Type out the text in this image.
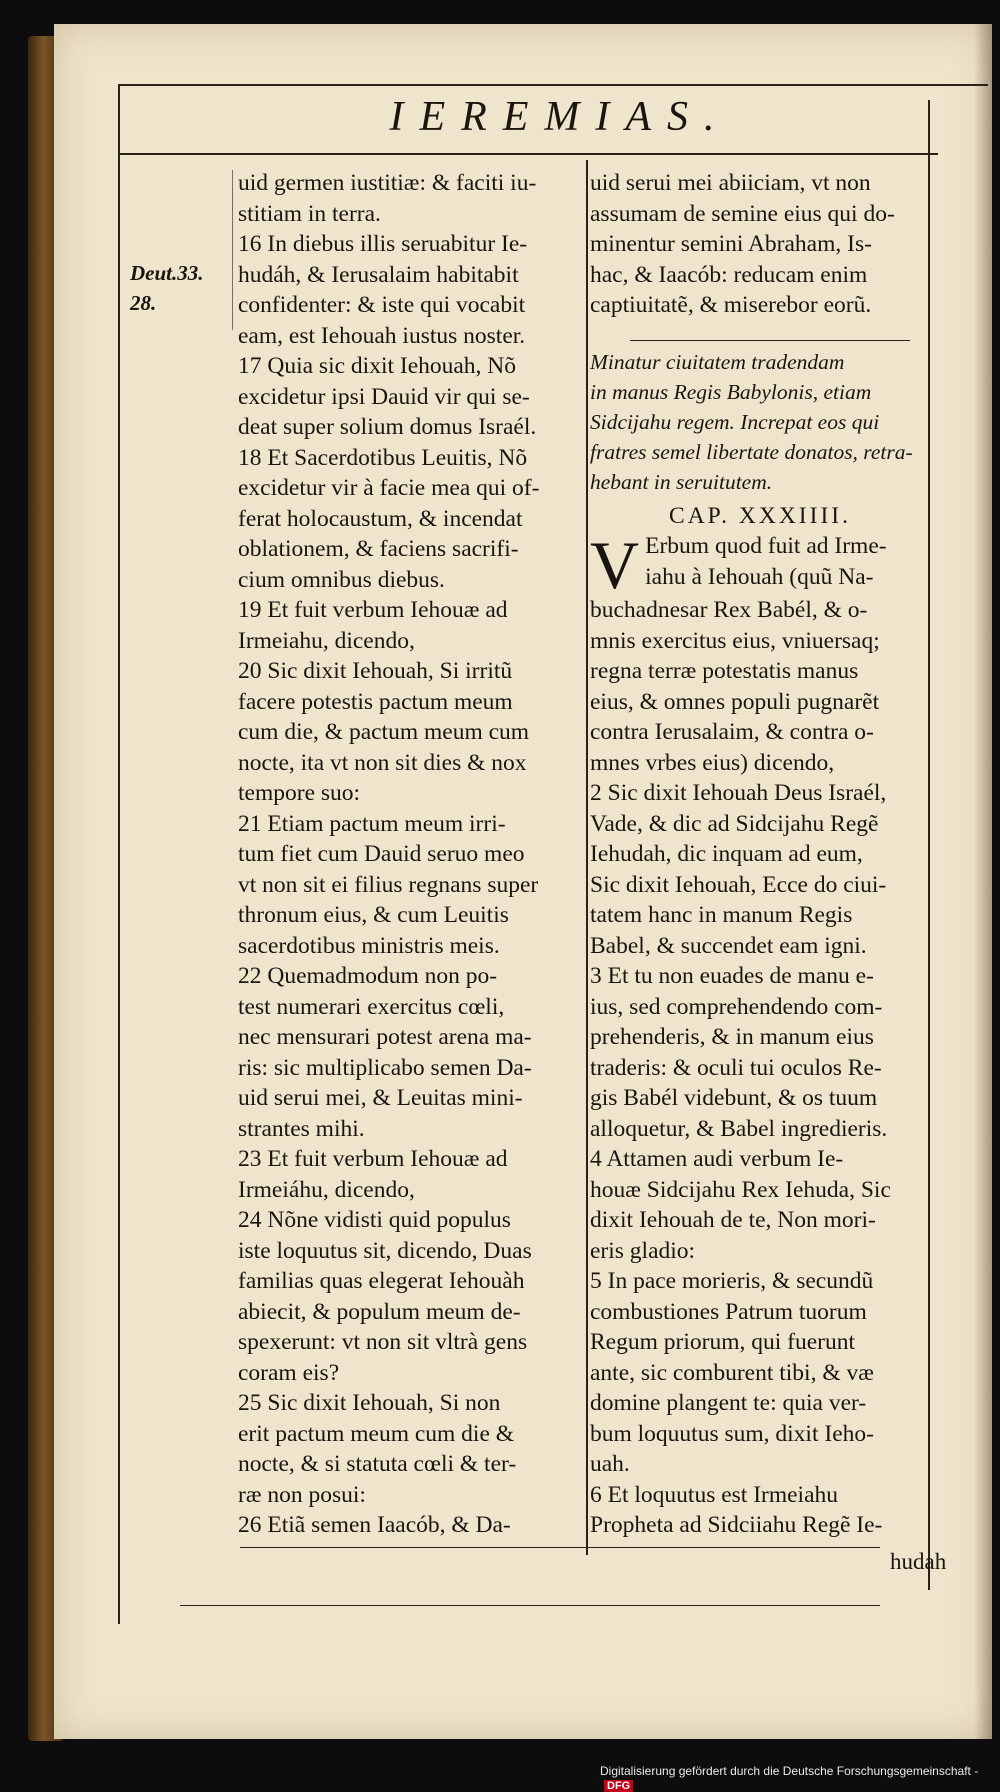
IEREMIAS.
Deut.33.
28.
uid germen iustitiæ: & faciti iu-
stitiam in terra.
16 In diebus illis seruabitur Ie-
hudáh, & Ierusalaim habitabit
confidenter: & iste qui vocabit
eam, est Iehouah iustus noster.
17 Quia sic dixit Iehouah, Nõ
excidetur ipsi Dauid vir qui se-
deat super solium domus Israél.
18 Et Sacerdotibus Leuitis, Nõ
excidetur vir à facie mea qui of-
ferat holocaustum, & incendat
oblationem, & faciens sacrifi-
cium omnibus diebus.
19 Et fuit verbum Iehouæ ad
Irmeiahu, dicendo,
20 Sic dixit Iehouah, Si irritũ
facere potestis pactum meum
cum die, & pactum meum cum
nocte, ita vt non sit dies & nox
tempore suo:
21 Etiam pactum meum irri-
tum fiet cum Dauid seruo meo
vt non sit ei filius regnans super
thronum eius, & cum Leuitis
sacerdotibus ministris meis.
22 Quemadmodum non po-
test numerari exercitus cœli,
nec mensurari potest arena ma-
ris: sic multiplicabo semen Da-
uid serui mei, & Leuitas mini-
strantes mihi.
23 Et fuit verbum Iehouæ ad
Irmeiáhu, dicendo,
24 Nõne vidisti quid populus
iste loquutus sit, dicendo, Duas
familias quas elegerat Iehouàh
abiecit, & populum meum de-
spexerunt: vt non sit vltrà gens
coram eis?
25 Sic dixit Iehouah, Si non
erit pactum meum cum die &
nocte, & si statuta cœli & ter-
ræ non posui:
26 Etiã semen Iaacób, & Da-
uid serui mei abiiciam, vt non
assumam de semine eius qui do-
minentur semini Abraham, Is-
hac, & Iaacób: reducam enim
captiuitatẽ, & miserebor eorũ.
Minatur ciuitatem tradendam
in manus Regis Babylonis, etiam
Sidcijahu regem. Increpat eos qui
fratres semel libertate donatos, retra-
hebant in seruitutem.
CAP. XXXIIII.
V Erbum quod fuit ad Irme-
iahu à Iehouah (quũ Na-
buchadnesar Rex Babél, & o-
mnis exercitus eius, vniuersaq;
regna terræ potestatis manus
eius, & omnes populi pugnarẽt
contra Ierusalaim, & contra o-
mnes vrbes eius) dicendo,
2 Sic dixit Iehouah Deus Israél,
Vade, & dic ad Sidcijahu Regẽ
Iehudah, dic inquam ad eum,
Sic dixit Iehouah, Ecce do ciui-
tatem hanc in manum Regis
Babel, & succendet eam igni.
3 Et tu non euades de manu e-
ius, sed comprehendendo com-
prehenderis, & in manum eius
traderis: & oculi tui oculos Re-
gis Babél videbunt, & os tuum
alloquetur, & Babel ingredieris.
4 Attamen audi verbum Ie-
houæ Sidcijahu Rex Iehuda, Sic
dixit Iehouah de te, Non mori-
eris gladio:
5 In pace morieris, & secundũ
combustiones Patrum tuorum
Regum priorum, qui fuerunt
ante, sic comburent tibi, & væ
domine plangent te: quia ver-
bum loquutus sum, dixit Ieho-
uah.
6 Et loquutus est Irmeiahu
Propheta ad Sidciiahu Regẽ Ie-
hudah
Digitalisierung gefördert durch die Deutsche Forschungsgemeinschaft -DFG
